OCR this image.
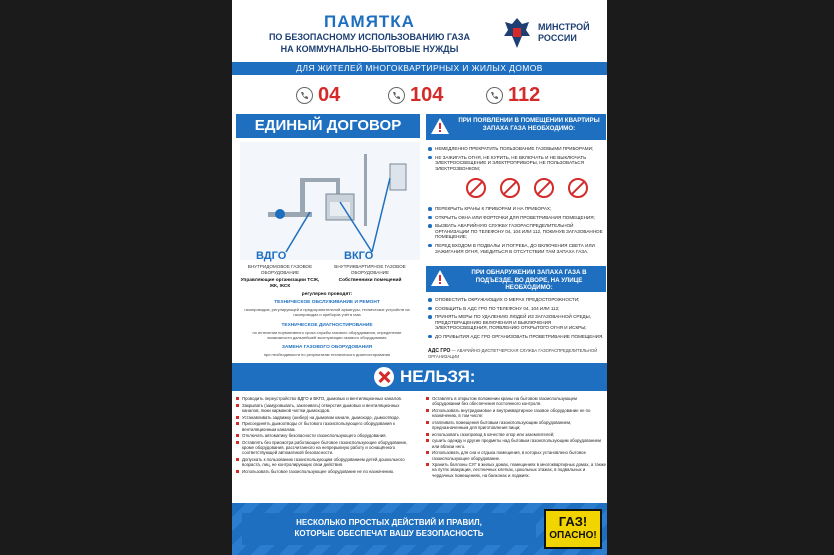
ПАМЯТКА
ПО БЕЗОПАСНОМУ ИСПОЛЬЗОВАНИЮ ГАЗА
НА КОММУНАЛЬНО-БЫТОВЫЕ НУЖДЫ
МИНСТРОЙ
РОССИИ
ДЛЯ ЖИТЕЛЕЙ МНОГОКВАРТИРНЫХ И ЖИЛЫХ ДОМОВ
04	104	112
ЕДИНЫЙ ДОГОВОР
ВДГО	ВКГО
ВНУТРИДОМОВОЕ ГАЗОВОЕ ОБОРУДОВАНИЕ
ВНУТРИКВАРТИРНОЕ ГАЗОВОЕ ОБОРУДОВАНИЕ
Управляющие организации ТСЖ, ЖК, ЖСК
Собственники помещений
регулярно проводят:
ТЕХНИЧЕСКОЕ ОБСЛУЖИВАНИЕ И РЕМОНТ
газопроводов, регулирующей и предохранительной арматуры, технических устройств на газопроводах и приборов учёта газа
ТЕХНИЧЕСКОЕ ДИАГНОСТИРОВАНИЕ
по истечении нормативного срока службы газового оборудования, определение возможности дальнейшей эксплуатации газового оборудования
ЗАМЕНА ГАЗОВОГО ОБОРУДОВАНИЯ
при необходимости по результатам технического диагностирования
ПРИ ПОЯВЛЕНИИ В ПОМЕЩЕНИИ КВАРТИРЫ ЗАПАХА ГАЗА НЕОБХОДИМО:
НЕМЕДЛЕННО ПРЕКРАТИТЬ ПОЛЬЗОВАНИЕ ГАЗОВЫМИ ПРИБОРАМИ;
НЕ ЗАЖИГАТЬ ОГНЯ, НЕ КУРИТЬ, НЕ ВКЛЮЧАТЬ И НЕ ВЫКЛЮЧАТЬ ЭЛЕКТРООСВЕЩЕНИЕ И ЭЛЕКТРОПРИБОРЫ, НЕ ПОЛЬЗОВАТЬСЯ ЭЛЕКТРОЗВОНКОМ;
ПЕРЕКРЫТЬ КРАНЫ К ПРИБОРАМ И НА ПРИБОРАХ;
ОТКРЫТЬ ОКНА ИЛИ ФОРТОЧКИ ДЛЯ ПРОВЕТРИВАНИЯ ПОМЕЩЕНИЯ;
ВЫЗВАТЬ АВАРИЙНУЮ СЛУЖБУ ГАЗОРАСПРЕДЕЛИТЕЛЬНОЙ ОРГАНИЗАЦИИ ПО ТЕЛЕФОНУ 04, 104 ИЛИ 112, ПОКИНУВ ЗАГАЗОВАННОЕ ПОМЕЩЕНИЕ;
ПЕРЕД ВХОДОМ В ПОДВАЛЫ И ПОГРЕБА, ДО ВКЛЮЧЕНИЯ СВЕТА ИЛИ ЗАЖИГАНИЯ ОГНЯ, УБЕДИТЬСЯ В ОТСУТСТВИИ ТАМ ЗАПАХА ГАЗА.
ПРИ ОБНАРУЖЕНИИ ЗАПАХА ГАЗА В ПОДЪЕЗДЕ, ВО ДВОРЕ, НА УЛИЦЕ НЕОБХОДИМО:
ОПОВЕСТИТЬ ОКРУЖАЮЩИХ О МЕРАХ ПРЕДОСТОРОЖНОСТИ;
СООБЩИТЬ В АДС ГРО ПО ТЕЛЕФОНУ 04, 104 ИЛИ 112;
ПРИНЯТЬ МЕРЫ ПО УДАЛЕНИЮ ЛЮДЕЙ ИЗ ЗАГАЗОВАННОЙ СРЕДЫ, ПРЕДОТВРАЩЕНИЮ ВКЛЮЧЕНИЯ И ВЫКЛЮЧЕНИЯ ЭЛЕКТРООСВЕЩЕНИЯ, ПОЯВЛЕНИЮ ОТКРЫТОГО ОГНЯ И ИСКРЫ;
ДО ПРИБЫТИЯ АДС ГРО ОРГАНИЗОВАТЬ ПРОВЕТРИВАНИЕ ПОМЕЩЕНИЯ.
АДС ГРО — АВАРИЙНО-ДИСПЕТЧЕРСКАЯ СЛУЖБА ГАЗОРАСПРЕДЕЛИТЕЛЬНОЙ ОРГАНИЗАЦИИ
НЕЛЬЗЯ:
Проводить переустройство ВДГО и ВКГО, дымовых и вентиляционных каналов.
Закрывать (замуровывать, заклеивать) отверстия дымовых и вентиляционных каналов, люки карманов чистки дымоходов.
Устанавливать задвижку (шибер) на дымовом канале, дымоходе, дымоотводе.
Присоединять дымоотводы от бытового газоиспользующего оборудования к вентиляционным каналам.
Отключать автоматику безопасности газоиспользующего оборудования.
Оставлять без присмотра работающее бытовое газоиспользующее оборудование, кроме оборудования, рассчитанного на непрерывную работу и оснащённого соответствующей автоматикой безопасности.
Допускать к пользованию газоиспользующим оборудованием детей дошкольного возраста, лиц, не контролирующих свои действия.
Использовать бытовое газоиспользующее оборудование не по назначению.
Оставлять в открытом положении краны на бытовом газоиспользующем оборудовании без обеспечения постоянного контроля.
Использовать внутридомовое и внутриквартирное газовое оборудование не по назначению, в том числе:
отапливать помещения бытовым газоиспользующим оборудованием, предназначенным для приготовления пищи;
использовать газопровод в качестве опор или заземлителей;
сушить одежду и другие предметы над бытовым газоиспользующим оборудованием или вблизи него.
Использовать для сна и отдыха помещения, в которых установлено бытовое газоиспользующее оборудование.
Хранить баллоны СУГ в жилых домах, помещениях в многоквартирных домах, а также на путях эвакуации, лестничных клетках, цокольных этажах, в подвальных и чердачных помещениях, на балконах и лоджиях.
НЕСКОЛЬКО ПРОСТЫХ ДЕЙСТВИЙ И ПРАВИЛ,
КОТОРЫЕ ОБЕСПЕЧАТ ВАШУ БЕЗОПАСНОСТЬ
ГАЗ!
ОПАСНО!
